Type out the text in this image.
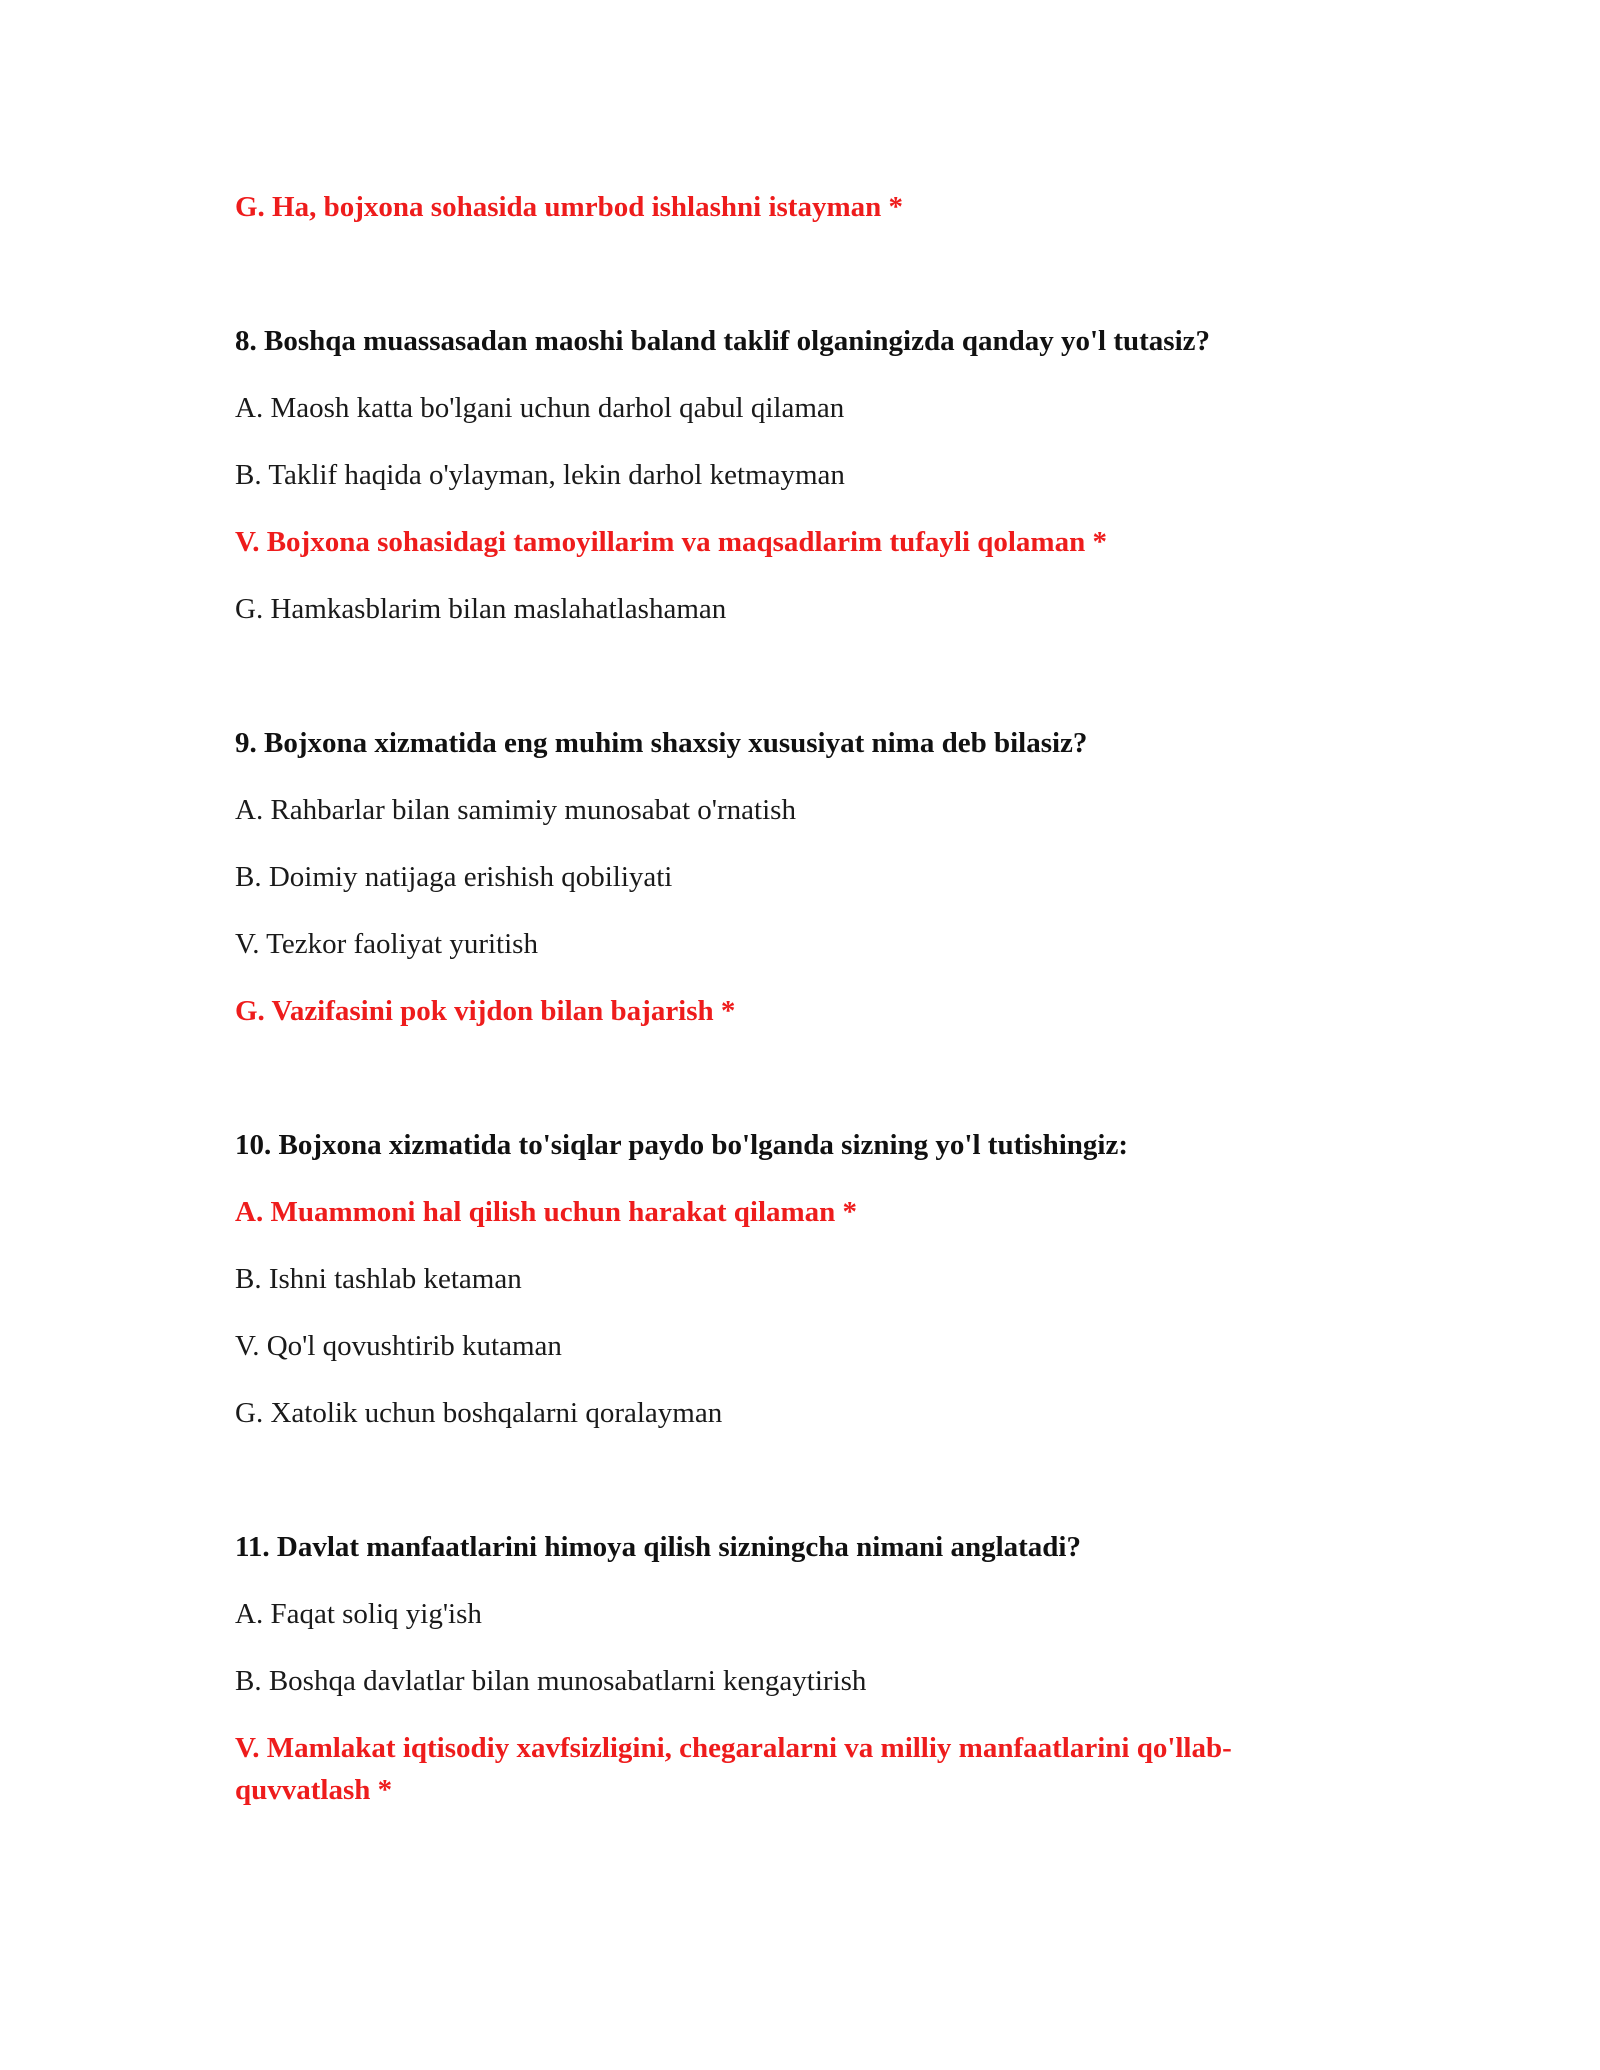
G. Ha, bojxona sohasida umrbod ishlashni istayman *
8. Boshqa muassasadan maoshi baland taklif olganingizda qanday yo'l tutasiz?
A. Maosh katta bo'lgani uchun darhol qabul qilaman
B. Taklif haqida o'ylayman, lekin darhol ketmayman
V. Bojxona sohasidagi tamoyillarim va maqsadlarim tufayli qolaman *
G. Hamkasblarim bilan maslahatlashaman
9. Bojxona xizmatida eng muhim shaxsiy xususiyat nima deb bilasiz?
A. Rahbarlar bilan samimiy munosabat o'rnatish
B. Doimiy natijaga erishish qobiliyati
V. Tezkor faoliyat yuritish
G. Vazifasini pok vijdon bilan bajarish *
10. Bojxona xizmatida to'siqlar paydo bo'lganda sizning yo'l tutishingiz:
A. Muammoni hal qilish uchun harakat qilaman *
B. Ishni tashlab ketaman
V. Qo'l qovushtirib kutaman
G. Xatolik uchun boshqalarni qoralayman
11. Davlat manfaatlarini himoya qilish sizningcha nimani anglatadi?
A. Faqat soliq yig'ish
B. Boshqa davlatlar bilan munosabatlarni kengaytirish
V. Mamlakat iqtisodiy xavfsizligini, chegaralarni va milliy manfaatlarini qo'llab-quvvatlash *
